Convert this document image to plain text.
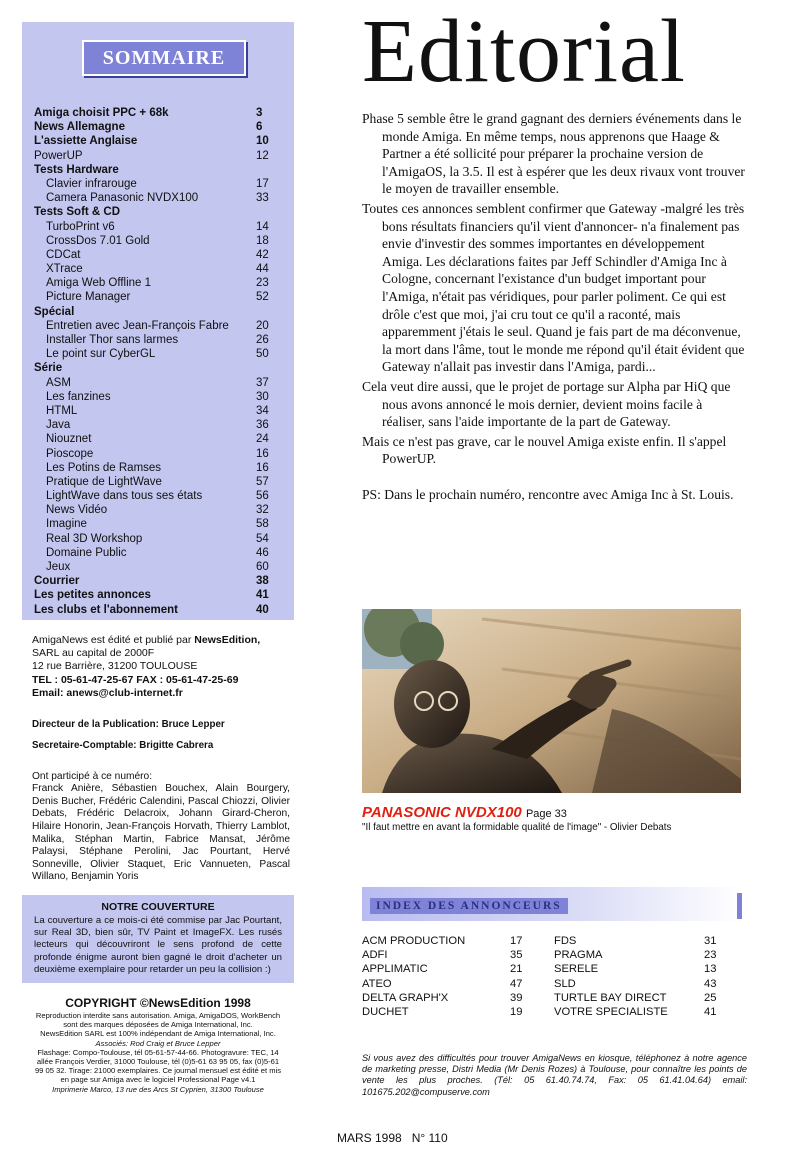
SOMMAIRE
Amiga choisit PPC + 68k	3
News Allemagne	6
L'assiette Anglaise	10
PowerUP	12
Tests Hardware
Clavier infrarouge	17
Camera Panasonic NVDX100	33
Tests Soft & CD
TurboPrint v6	14
CrossDos 7.01 Gold	18
CDCat	42
XTrace	44
Amiga Web Offline 1	23
Picture Manager	52
Spécial
Entretien avec Jean-François Fabre 20
Installer Thor sans larmes	26
Le point sur CyberGL	50
Série
ASM	37
Les fanzines	30
HTML	34
Java	36
Niouznet	24
Pioscope	16
Les Potins de Ramses	16
Pratique de LightWave	57
LightWave dans tous ses états	56
News Vidéo	32
Imagine	58
Real 3D Workshop	54
Domaine Public	46
Jeux	60
Courrier	38
Les petites annonces	41
Les clubs et l'abonnement	40
AmigaNews est édité et publié par NewsEdition,
SARL au capital de 2000F
12 rue Barrière, 31200 TOULOUSE
TEL : 05-61-47-25-67 FAX : 05-61-47-25-69
Email: anews@club-internet.fr
Directeur de la Publication: Bruce Lepper
Secretaire-Comptable: Brigitte Cabrera
Ont participé à ce numéro:
Franck Anière, Sébastien Bouchex, Alain Bourgery, Denis Bucher, Frédéric Calendini, Pascal Chiozzi, Olivier Debats, Frédéric Delacroix, Johann Girard-Cheron, Hilaire Honorin, Jean-François Horvath, Thierry Lamblot, Malika, Stéphan Martin, Fabrice Mansat, Jérôme Palaysi, Stéphane Perolini, Jac Pourtant, Hervé Sonneville, Olivier Staquet, Eric Vannueten, Pascal Willano, Benjamin Yoris
NOTRE COUVERTURE
La couverture a ce mois-ci été commise par Jac Pourtant, sur Real 3D, bien sûr, TV Paint et ImageFX. Les rusés lecteurs qui découvriront le sens profond de cette profonde énigme auront bien gagné le droit d'acheter un deuxième exemplaire pour retarder un peu la collision :)
COPYRIGHT ©NewsEdition 1998
Reproduction interdite sans autorisation. Amiga, AmigaDOS, WorkBench
sont des marques déposées de Amiga International, Inc.
NewsEdition SARL est 100% indépendant de Amiga International, Inc.
Associés: Rod Craig et Bruce Lepper
Flashage: Compo-Toulouse, tél 05-61-57-44-66. Photogravure: TEC, 14
allée François Verdier, 31000 Toulouse, tél (0)5-61 63 95 05, fax (0)5-61
99 05 32. Tirage: 21000 exemplaires. Ce journal mensuel est édité et mis
en page sur Amiga avec le logiciel Professional Page v4.1
Imprimerie Marco, 13 rue des Arcs St Cyprien, 31300 Toulouse
Editorial

Phase 5 semble être le grand gagnant des derniers événements dans le monde Amiga. En même temps, nous apprenons que Haage & Partner a été sollicité pour préparer la prochaine version de l'AmigaOS, la 3.5. Il est à espérer que les deux rivaux vont trouver le moyen de travailler ensemble.

Toutes ces annonces semblent confirmer que Gateway -malgré les très bons résultats financiers qu'il vient d'annoncer- n'a finalement pas envie d'investir des sommes importantes en développement Amiga. Les déclarations faites par Jeff Schindler d'Amiga Inc à Cologne, concernant l'existance d'un budget important pour l'Amiga, n'était pas véridiques, pour parler poliment. Ce qui est drôle c'est que moi, j'ai cru tout ce qu'il a raconté, mais apparemment j'étais le seul. Quand je fais part de ma déconvenue, la mort dans l'âme, tout le monde me répond qu'il était évident que Gateway n'allait pas investir dans l'Amiga, pardi...

Cela veut dire aussi, que le projet de portage sur Alpha par HiQ que nous avons annoncé le mois dernier, devient moins facile à réaliser, sans l'aide importante de la part de Gateway.

Mais ce n'est pas grave, car le nouvel Amiga existe enfin. Il s'appel PowerUP.

PS: Dans le prochain numéro, rencontre avec Amiga Inc à St. Louis.

PANASONIC NVDX100 Page 33
"Il faut mettre en avant la formidable qualité de l'image" - Olivier Debats
INDEX DES ANNONCEURS
ACM PRODUCTION	17	FDS	31
ADFI	35	PRAGMA	23
APPLIMATIC	21	SERELE	13
ATEO	47	SLD	43
DELTA GRAPH'X	39	TURTLE BAY DIRECT	25
DUCHET	19	VOTRE SPECIALISTE	41
Si vous avez des difficultés pour trouver AmigaNews en kiosque, téléphonez à notre agence de marketing presse, Distri Media (Mr Denis Rozes) à Toulouse, pour connaître les points de vente les plus proches. (Tél: 05 61.40.74.74, Fax: 05 61.41.04.64) email: 101675.202@compuserve.com
MARS 1998 N° 110
